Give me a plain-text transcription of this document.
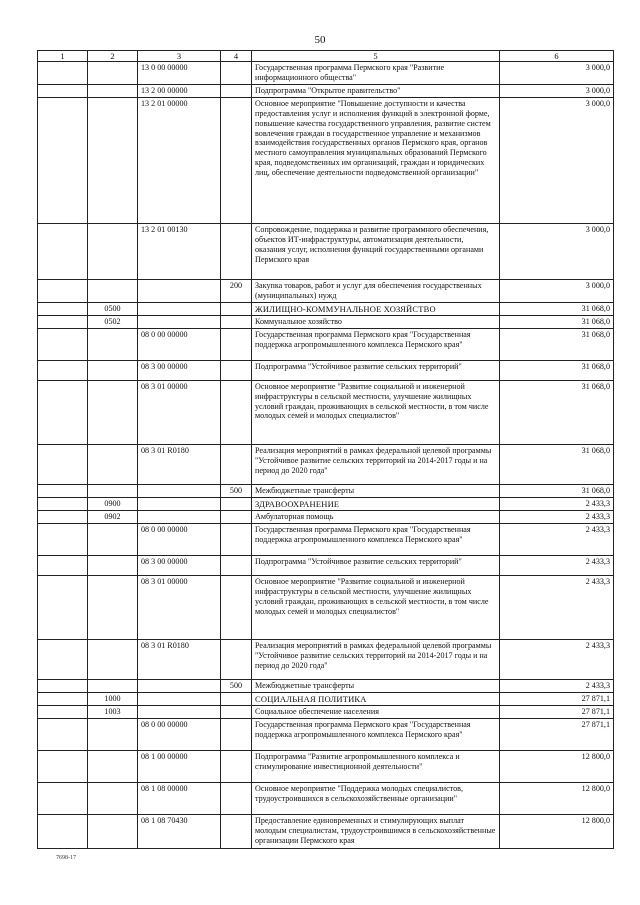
50
1	2	3	4	5	6
		13 0 00 00000		Государственная программа Пермского края "Развитие информационного общества"	3 000,0
		13 2 00 00000		Подпрограмма "Открытое правительство"	3 000,0
		13 2 01 00000		Основное мероприятие "Повышение доступности и качества предоставления услуг и исполнения функций в электронной форме, повышение качества государственного управления, развитие систем вовлечения граждан в государственное управление и механизмов взаимодействия государственных органов Пермского края, органов местного самоуправления муниципальных образований Пермского края, подведомственных им организаций, граждан и юридических лиц, обеспечение деятельности подведомственной организации"	3 000,0
		13 2 01 00130		Сопровождение, поддержка и развитие программного обеспечения, объектов ИТ-инфраструктуры, автоматизация деятельности, оказания услуг, исполнения функций государственными органами Пермского края	3 000,0
			200	Закупка товаров, работ и услуг для обеспечения государственных (муниципальных) нужд	3 000,0
	0500			ЖИЛИЩНО-КОММУНАЛЬНОЕ ХОЗЯЙСТВО	31 068,0
	0502			Коммунальное хозяйство	31 068,0
		08 0 00 00000		Государственная программа Пермского края "Государственная поддержка агропромышленного комплекса Пермского края"	31 068,0
		08 3 00 00000		Подпрограмма "Устойчивое развитие сельских территорий"	31 068,0
		08 3 01 00000		Основное мероприятие "Развитие социальной и инженерной инфраструктуры в сельской местности, улучшение жилищных условий граждан, проживающих в сельской местности, в том числе молодых семей и молодых специалистов"	31 068,0
		08 3 01 R0180		Реализация мероприятий в рамках федеральной целевой программы "Устойчивое развитие сельских территорий на 2014-2017 годы и на период до 2020 года"	31 068,0
			500	Межбюджетные трансферты	31 068,0
	0900			ЗДРАВООХРАНЕНИЕ	2 433,3
	0902			Амбулаторная помощь	2 433,3
		08 0 00 00000		Государственная программа Пермского края "Государственная поддержка агропромышленного комплекса Пермского края"	2 433,3
		08 3 00 00000		Подпрограмма "Устойчивое развитие сельских территорий"	2 433,3
		08 3 01 00000		Основное мероприятие "Развитие социальной и инженерной инфраструктуры в сельской местности, улучшение жилищных условий граждан, проживающих в сельской местности, в том числе молодых семей и молодых специалистов"	2 433,3
		08 3 01 R0180		Реализация мероприятий в рамках федеральной целевой программы "Устойчивое развитие сельских территорий на 2014-2017 годы и на период до 2020 года"	2 433,3
			500	Межбюджетные трансферты	2 433,3
	1000			СОЦИАЛЬНАЯ ПОЛИТИКА	27 871,1
	1003			Социальное обеспечение населения	27 871,1
		08 0 00 00000		Государственная программа Пермского края "Государственная поддержка агропромышленного комплекса Пермского края"	27 871,1
		08 1 00 00000		Подпрограмма "Развитие агропромышленного комплекса и стимулирование инвестиционной деятельности"	12 800,0
		08 1 08 00000		Основное мероприятие "Поддержка молодых специалистов, трудоустроившихся в сельскохозяйственные организации"	12 800,0
		08 1 08 70430		Предоставление единовременных и стимулирующих выплат молодым специалистам, трудоустроившимся в сельскохозяйственные организации Пермского края	12 800,0
7698-17
